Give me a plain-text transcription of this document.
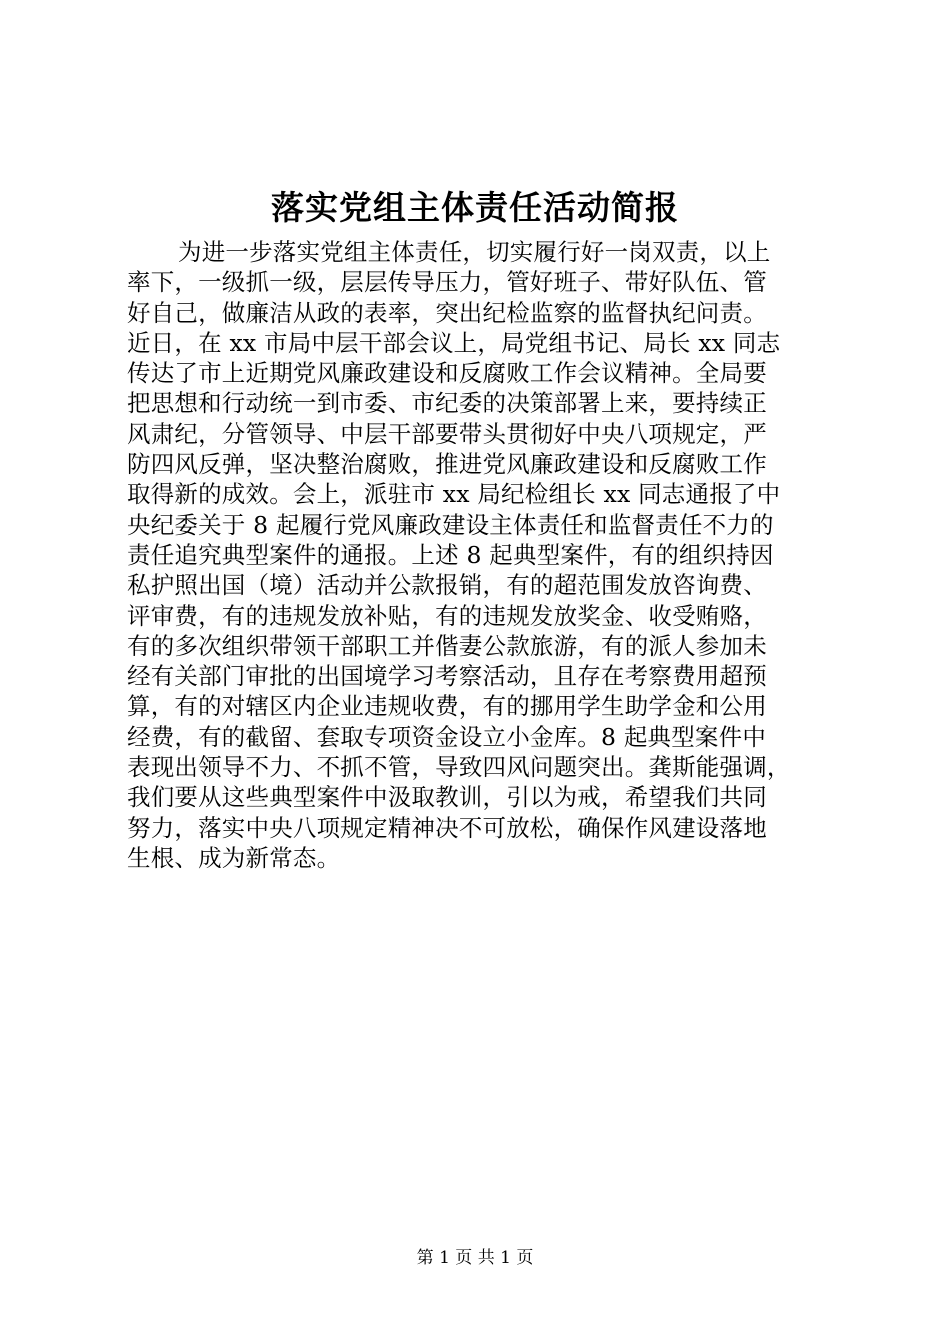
落实党组主体责任活动简报
为进一步落实党组主体责任，切实履行好一岗双责，以上
率下，一级抓一级，层层传导压力，管好班子、带好队伍、管
好自己，做廉洁从政的表率，突出纪检监察的监督执纪问责。
近日，在 xx 市局中层干部会议上，局党组书记、局长 xx 同志
传达了市上近期党风廉政建设和反腐败工作会议精神。全局要
把思想和行动统一到市委、市纪委的决策部署上来，要持续正
风肃纪，分管领导、中层干部要带头贯彻好中央八项规定，严
防四风反弹，坚决整治腐败，推进党风廉政建设和反腐败工作
取得新的成效。会上，派驻市 xx 局纪检组长 xx 同志通报了中
央纪委关于 8 起履行党风廉政建设主体责任和监督责任不力的
责任追究典型案件的通报。上述 8 起典型案件，有的组织持因
私护照出国（境）活动并公款报销，有的超范围发放咨询费、
评审费，有的违规发放补贴，有的违规发放奖金、收受贿赂，
有的多次组织带领干部职工并偕妻公款旅游，有的派人参加未
经有关部门审批的出国境学习考察活动，且存在考察费用超预
算，有的对辖区内企业违规收费，有的挪用学生助学金和公用
经费，有的截留、套取专项资金设立小金库。8 起典型案件中
表现出领导不力、不抓不管，导致四风问题突出。龚斯能强调，
我们要从这些典型案件中汲取教训，引以为戒，希望我们共同
努力，落实中央八项规定精神决不可放松，确保作风建设落地
生根、成为新常态。
第 1 页 共 1 页
